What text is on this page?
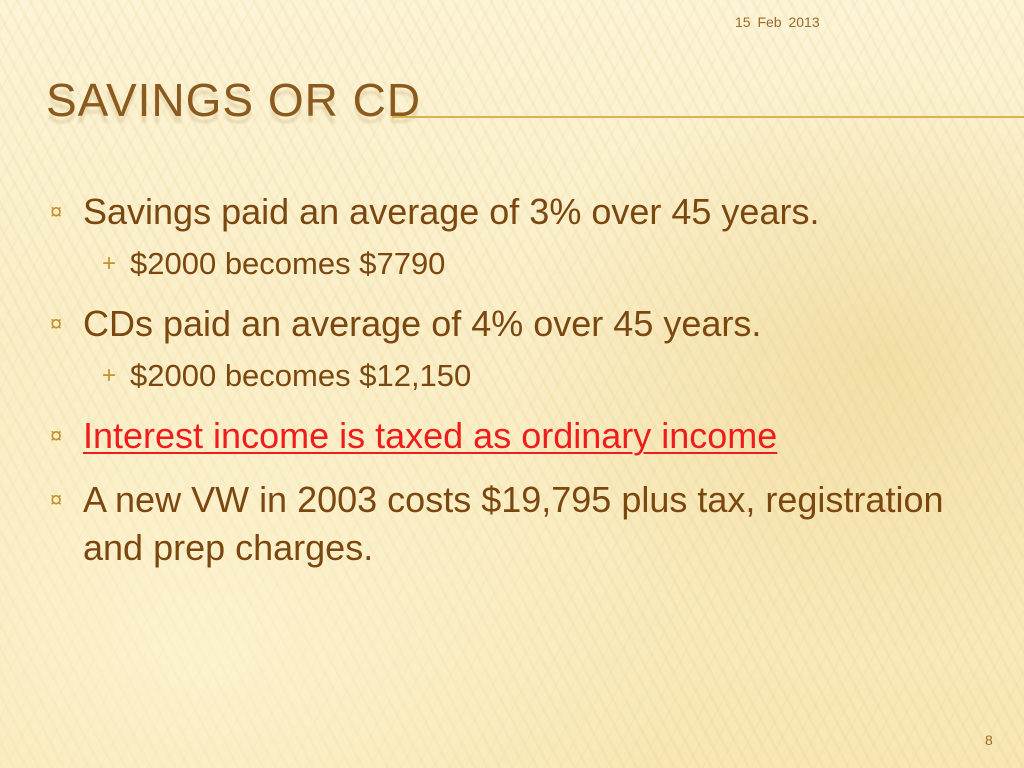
15 Feb 2013
SAVINGS OR CD
¤ Savings paid an average of 3% over 45 years.
+ $2000 becomes $7790
¤ CDs paid an average of 4% over 45 years.
+ $2000 becomes $12,150
¤ Interest income is taxed as ordinary income
¤ A new VW in 2003 costs $19,795 plus tax, registration and prep charges.
8
